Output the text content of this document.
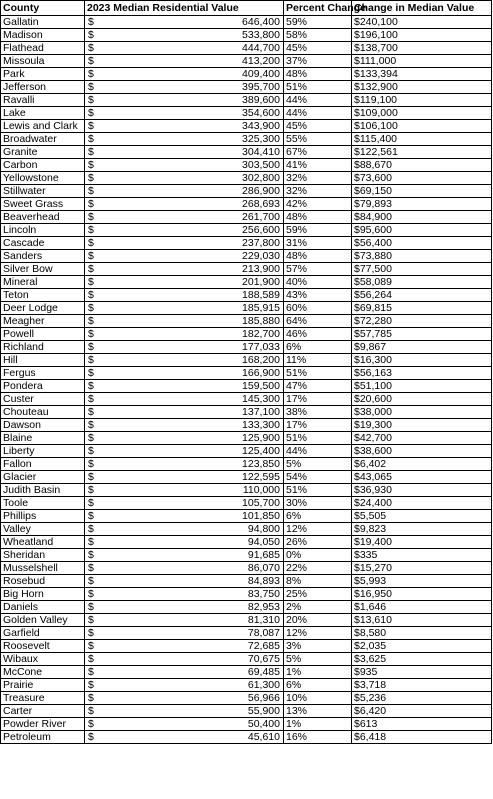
County	2023 Median Residential Value	Percent Change	Change in Median Value
Gallatin	$ 646,400	59%	$240,100
Madison	$ 533,800	58%	$196,100
Flathead	$ 444,700	45%	$138,700
Missoula	$ 413,200	37%	$111,000
Park	$ 409,400	48%	$133,394
Jefferson	$ 395,700	51%	$132,900
Ravalli	$ 389,600	44%	$119,100
Lake	$ 354,600	44%	$109,000
Lewis and Clark	$ 343,900	45%	$106,100
Broadwater	$ 325,300	55%	$115,400
Granite	$ 304,410	67%	$122,561
Carbon	$ 303,500	41%	$88,670
Yellowstone	$ 302,800	32%	$73,600
Stillwater	$ 286,900	32%	$69,150
Sweet Grass	$ 268,693	42%	$79,893
Beaverhead	$ 261,700	48%	$84,900
Lincoln	$ 256,600	59%	$95,600
Cascade	$ 237,800	31%	$56,400
Sanders	$ 229,030	48%	$73,880
Silver Bow	$ 213,900	57%	$77,500
Mineral	$ 201,900	40%	$58,089
Teton	$ 188,589	43%	$56,264
Deer Lodge	$ 185,915	60%	$69,815
Meagher	$ 185,880	64%	$72,280
Powell	$ 182,700	46%	$57,785
Richland	$ 177,033	6%	$9,867
Hill	$ 168,200	11%	$16,300
Fergus	$ 166,900	51%	$56,163
Pondera	$ 159,500	47%	$51,100
Custer	$ 145,300	17%	$20,600
Chouteau	$ 137,100	38%	$38,000
Dawson	$ 133,300	17%	$19,300
Blaine	$ 125,900	51%	$42,700
Liberty	$ 125,400	44%	$38,600
Fallon	$ 123,850	5%	$6,402
Glacier	$ 122,595	54%	$43,065
Judith Basin	$ 110,000	51%	$36,930
Toole	$ 105,700	30%	$24,400
Phillips	$ 101,850	6%	$5,505
Valley	$ 94,800	12%	$9,823
Wheatland	$ 94,050	26%	$19,400
Sheridan	$ 91,685	0%	$335
Musselshell	$ 86,070	22%	$15,270
Rosebud	$ 84,893	8%	$5,993
Big Horn	$ 83,750	25%	$16,950
Daniels	$ 82,953	2%	$1,646
Golden Valley	$ 81,310	20%	$13,610
Garfield	$ 78,087	12%	$8,580
Roosevelt	$ 72,685	3%	$2,035
Wibaux	$ 70,675	5%	$3,625
McCone	$ 69,485	1%	$935
Prairie	$ 61,300	6%	$3,718
Treasure	$ 56,966	10%	$5,236
Carter	$ 55,900	13%	$6,420
Powder River	$ 50,400	1%	$613
Petroleum	$ 45,610	16%	$6,418
